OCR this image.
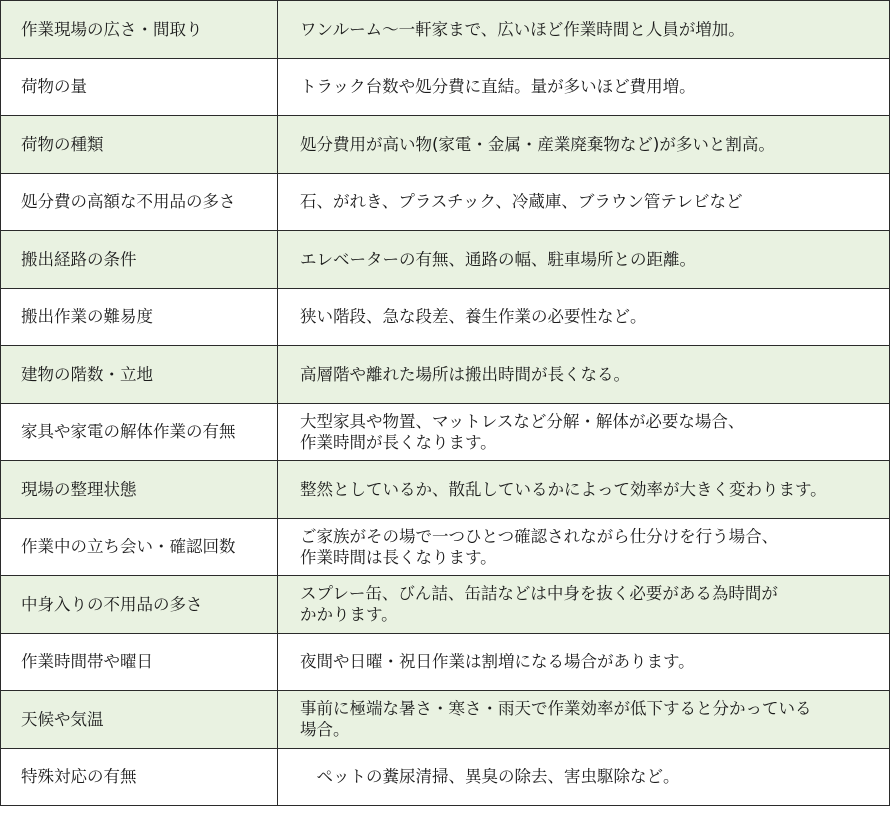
作業現場の広さ・間取り	ワンルーム～一軒家まで、広いほど作業時間と人員が増加。

荷物の量	トラック台数や処分費に直結。量が多いほど費用増。

荷物の種類	処分費用が高い物(家電・金属・産業廃棄物など)が多いと割高。

処分費の高額な不用品の多さ	石、がれき、プラスチック、冷蔵庫、ブラウン管テレビなど

搬出経路の条件	エレベーターの有無、通路の幅、駐車場所との距離。

搬出作業の難易度	狭い階段、急な段差、養生作業の必要性など。

建物の階数・立地	高層階や離れた場所は搬出時間が長くなる。

家具や家電の解体作業の有無	大型家具や物置、マットレスなど分解・解体が必要な場合、
作業時間が長くなります。

現場の整理状態	整然としているか、散乱しているかによって効率が大きく変わります。

作業中の立ち会い・確認回数	ご家族がその場で一つひとつ確認されながら仕分けを行う場合、
作業時間は長くなります。

中身入りの不用品の多さ	スプレー缶、びん詰、缶詰などは中身を抜く必要がある為時間が
かかります。

作業時間帯や曜日	夜間や日曜・祝日作業は割増になる場合があります。

天候や気温	事前に極端な暑さ・寒さ・雨天で作業効率が低下すると分かっている
場合。

特殊対応の有無	　ペットの糞尿清掃、異臭の除去、害虫駆除など。
